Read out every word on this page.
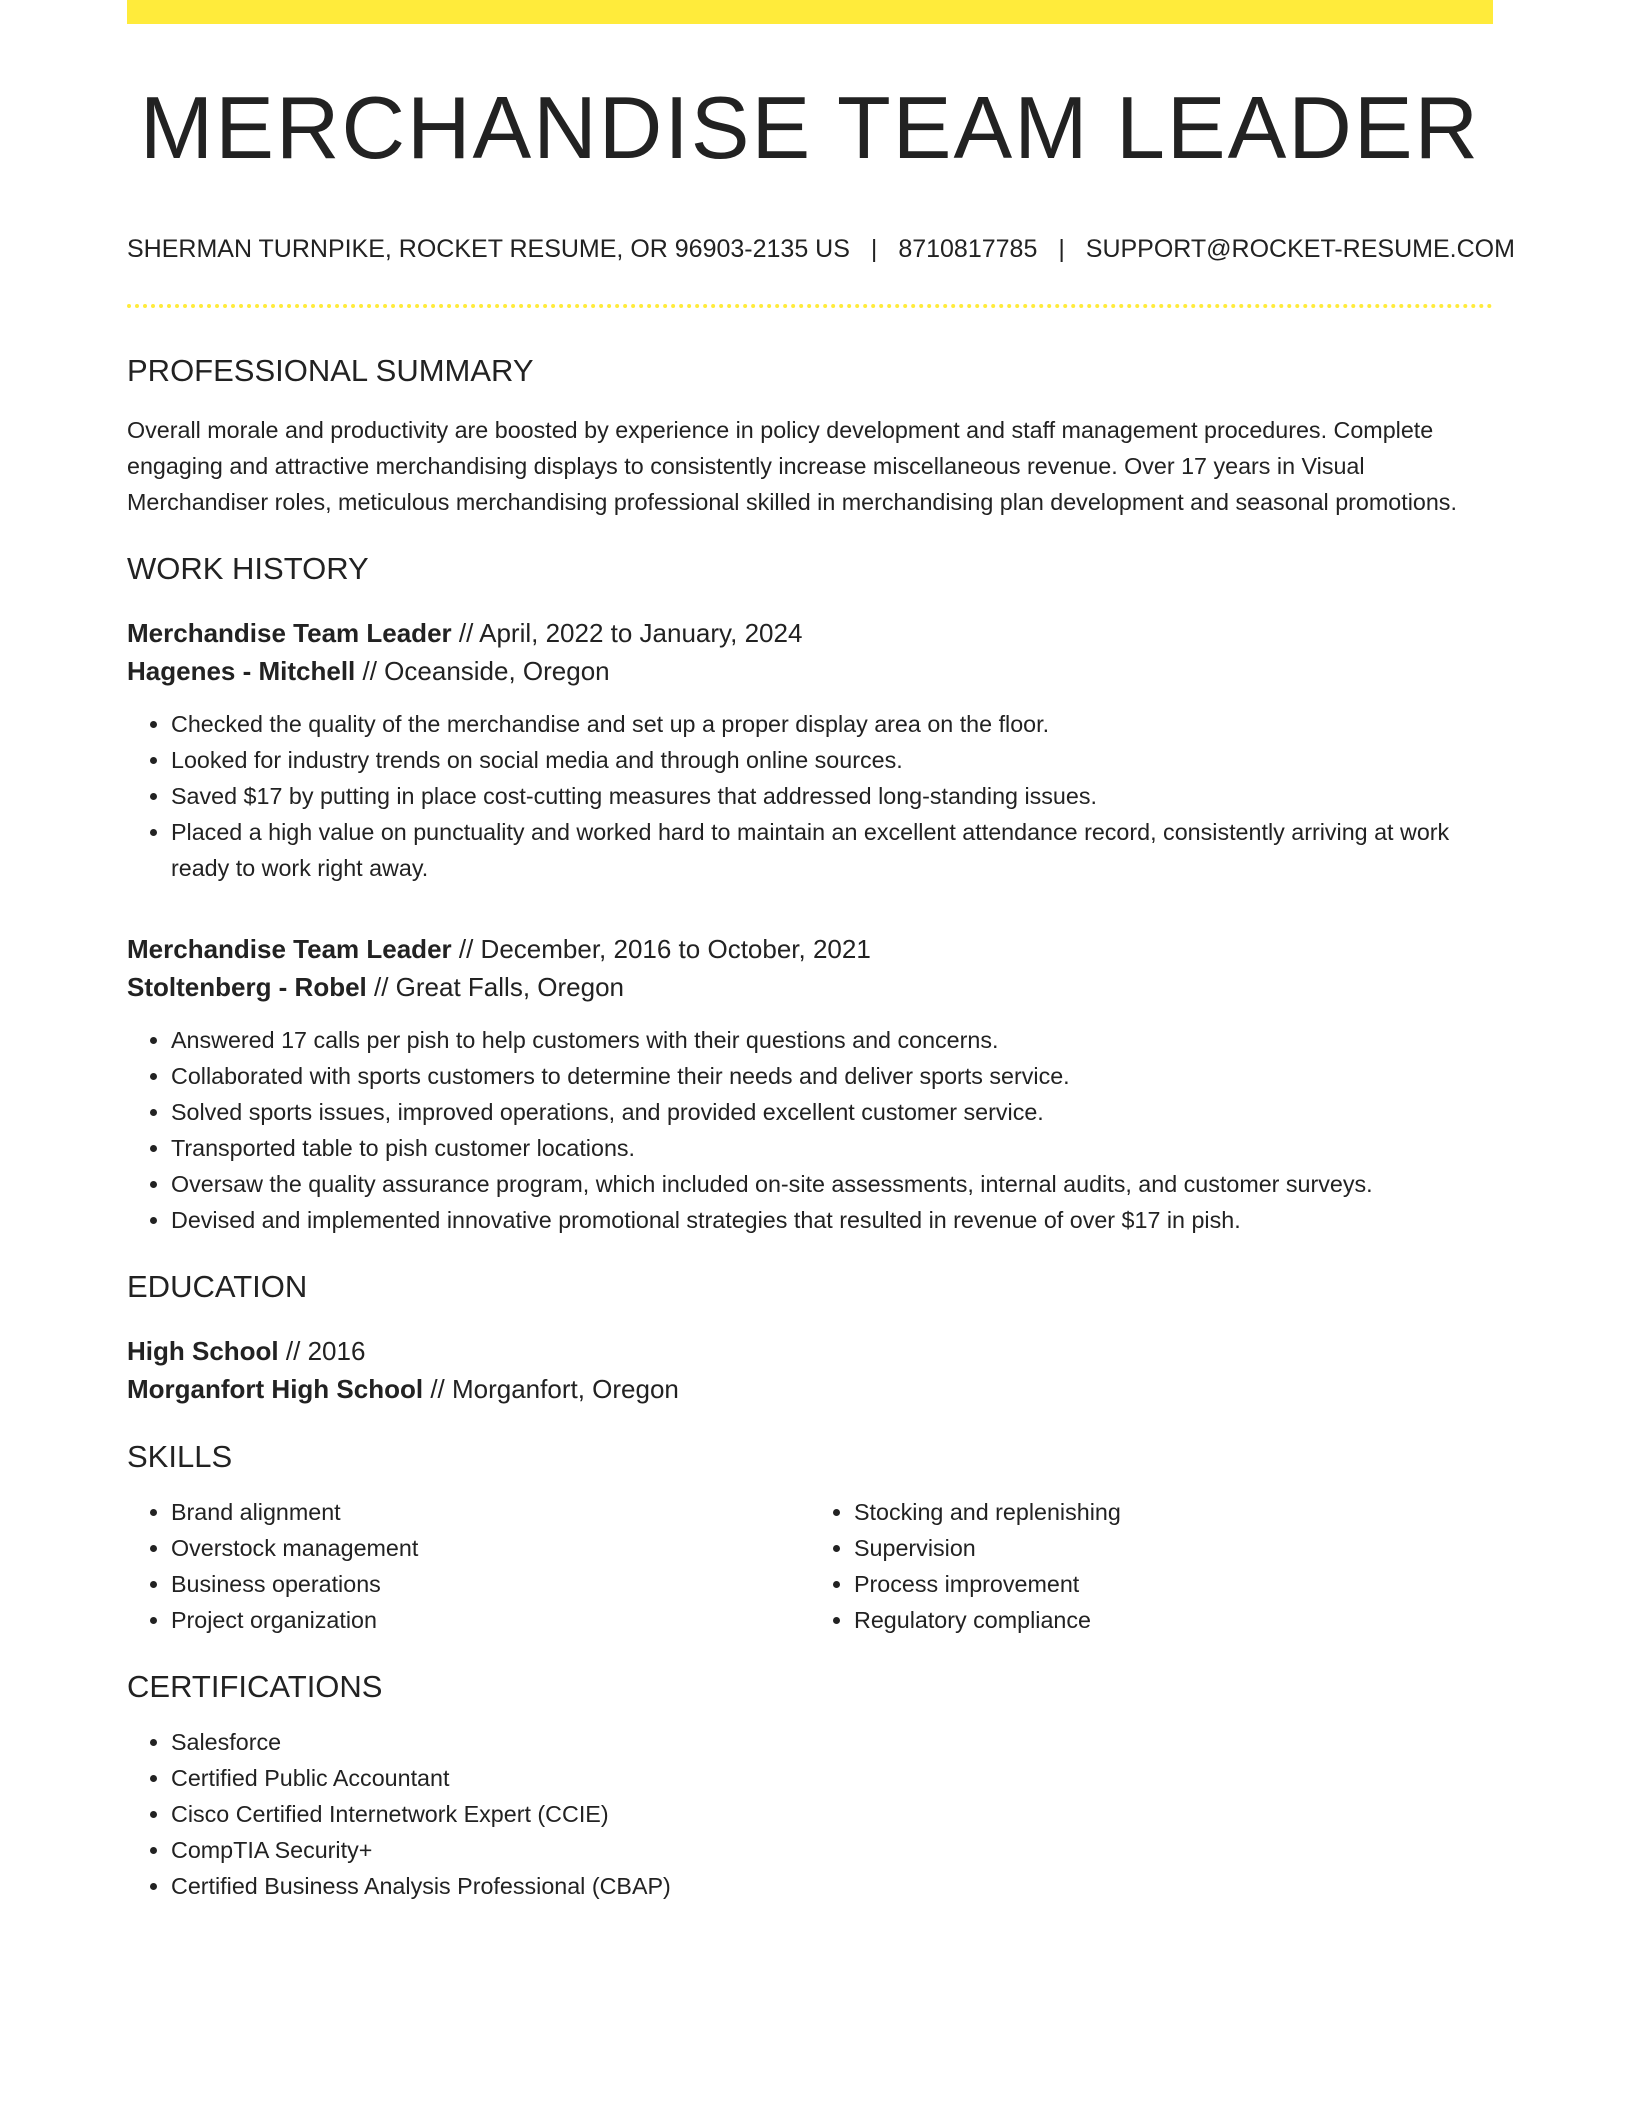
MERCHANDISE TEAM LEADER
SHERMAN TURNPIKE, ROCKET RESUME, OR 96903-2135 US | 8710817785 | SUPPORT@ROCKET-RESUME.COM
PROFESSIONAL SUMMARY

Overall morale and productivity are boosted by experience in policy development and staff management procedures. Complete engaging and attractive merchandising displays to consistently increase miscellaneous revenue. Over 17 years in Visual Merchandiser roles, meticulous merchandising professional skilled in merchandising plan development and seasonal promotions.

WORK HISTORY
Merchandise Team Leader // April, 2022 to January, 2024
Hagenes - Mitchell // Oceanside, Oregon
• Checked the quality of the merchandise and set up a proper display area on the floor.
• Looked for industry trends on social media and through online sources.
• Saved $17 by putting in place cost-cutting measures that addressed long-standing issues.
• Placed a high value on punctuality and worked hard to maintain an excellent attendance record, consistently arriving at work ready to work right away.
Merchandise Team Leader // December, 2016 to October, 2021
Stoltenberg - Robel // Great Falls, Oregon
• Answered 17 calls per pish to help customers with their questions and concerns.
• Collaborated with sports customers to determine their needs and deliver sports service.
• Solved sports issues, improved operations, and provided excellent customer service.
• Transported table to pish customer locations.
• Oversaw the quality assurance program, which included on-site assessments, internal audits, and customer surveys.
• Devised and implemented innovative promotional strategies that resulted in revenue of over $17 in pish.
EDUCATION
High School // 2016
Morganfort High School // Morganfort, Oregon
SKILLS
• Brand alignment
• Overstock management
• Business operations
• Project organization
• Stocking and replenishing
• Supervision
• Process improvement
• Regulatory compliance
CERTIFICATIONS
• Salesforce
• Certified Public Accountant
• Cisco Certified Internetwork Expert (CCIE)
• CompTIA Security+
• Certified Business Analysis Professional (CBAP)
